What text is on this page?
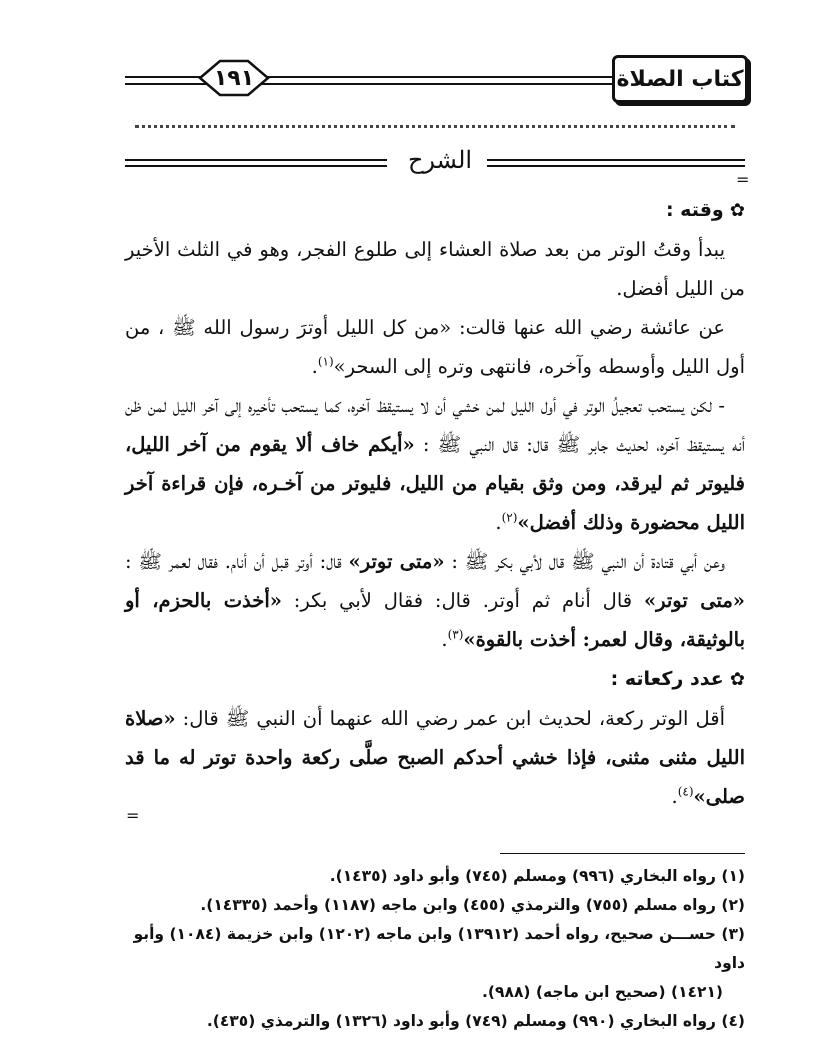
كتاب الصلاة
١٩١
الشرح
=
✿ وقته :
يبدأ وقتُ الوتر من بعد صلاة العشاء إلى طلوع الفجر، وهو في الثلث الأخير من الليل أفضل.
عن عائشة رضي الله عنها قالت: «من كل الليل أوترَ رسول الله ﷺ ، من أول الليل وأوسطه وآخره، فانتهى وتره إلى السحر»$^{(١)}$.
- لكن يستحب تعجيلُ الوتر في أول الليل لمن خشي أن لا يستيقظ آخره، كما يستحب تأخيره إلى آخر الليل لمن ظن أنه يستيقظ آخره، لحديث جابر ﷺ قال: قال النبي ﷺ : «أيكم خاف ألا يقوم من آخر الليل، فليوتر ثم ليرقد، ومن وثق بقيام من الليل، فليوتر من آخـره، فإن قراءة آخر الليل محضورة وذلك أفضل»$^{(٢)}$.
وعن أبي قتادة أن النبي ﷺ قال لأبي بكر ﷺ : «متى توتر» قال: أوتر قبل أن أنام. فقال لعمر ﷺ : «متى توتر» قال أنام ثم أوتر. قال: فقال لأبي بكر: «أخذت بالحزم، أو بالوثيقة، وقال لعمر: أخذت بالقوة»$^{(٣)}$.
✿ عدد ركعاته :
أقل الوتر ركعة، لحديث ابن عمر رضي الله عنهما أن النبي ﷺ قال: «صلاة الليل مثنى مثنى، فإذا خشي أحدكم الصبح صلَّى ركعة واحدة توتر له ما قد صلى»$^{(٤)}$.
=
(١) رواه البخاري (٩٩٦) ومسلم (٧٤٥) وأبو داود (١٤٣٥).
(٢) رواه مسلم (٧٥٥) والترمذي (٤٥٥) وابن ماجه (١١٨٧) وأحمد (١٤٣٣٥).
(٣) حســـن صحيح، رواه أحمد (١٣٩١٢) وابن ماجه (١٢٠٢) وابن خزيمة (١٠٨٤) وأبو داود
(١٤٢١) (صحيح ابن ماجه) (٩٨٨).
(٤) رواه البخاري (٩٩٠) ومسلم (٧٤٩) وأبو داود (١٣٢٦) والترمذي (٤٣٥).
